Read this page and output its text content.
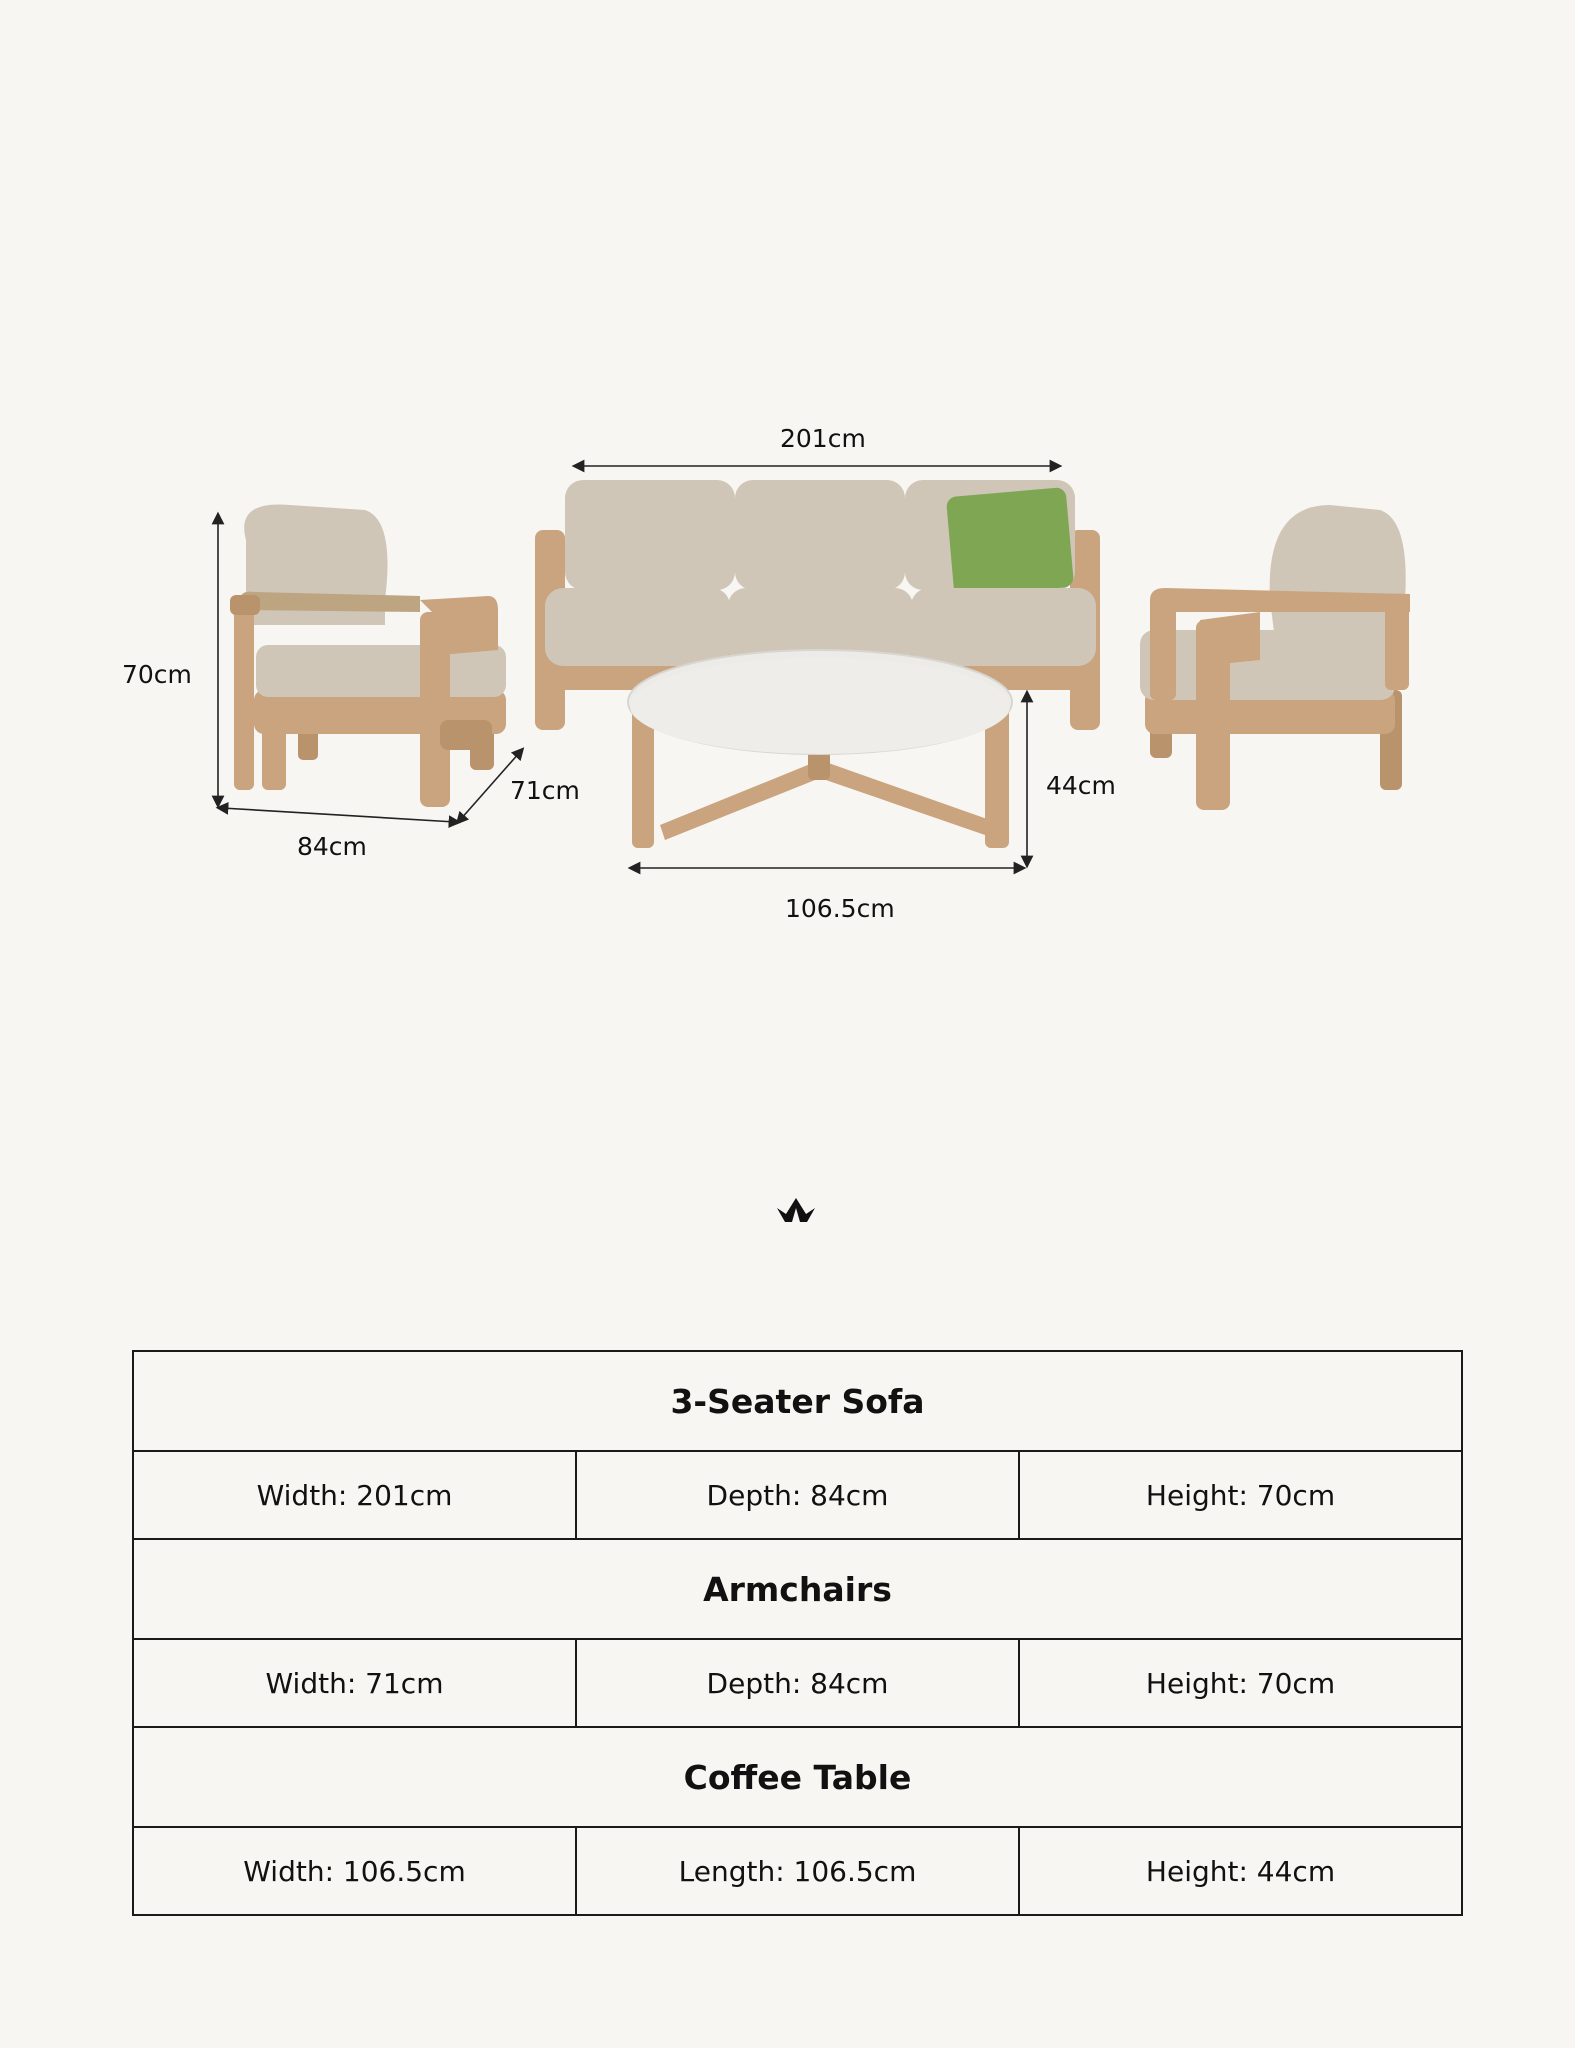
201cm
70cm
71cm
84cm
44cm
106.5cm
3-Seater Sofa		
Width: 201cm	Depth: 84cm	Height: 70cm
Armchairs		
Width: 71cm	Depth: 84cm	Height: 70cm
Coffee Table		
Width: 106.5cm	Length: 106.5cm	Height: 44cm
